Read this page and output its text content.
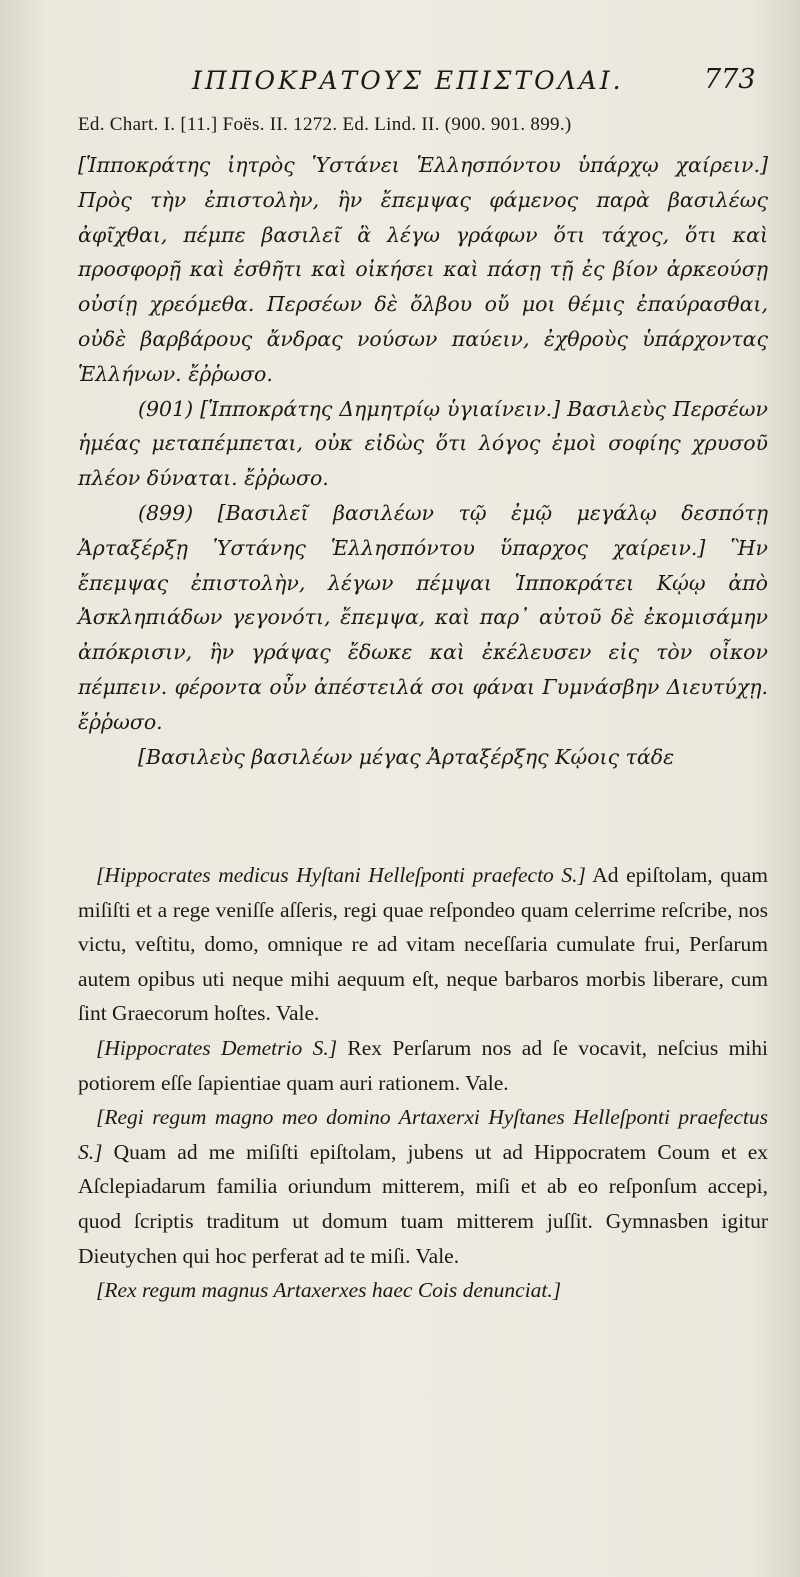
ΙΠΠΟΚΡΑΤΟΥΣ ΕΠΙΣΤΟΛΑΙ.	773
Ed. Chart. I. [11.] Foës. II. 1272. Ed. Lind. II. (900. 901. 899.)

[Ἱπποκράτης ἰητρὸς Ὑστάνει Ἑλλησπόντου ὑπάρχῳ χαίρειν.] Πρὸς τὴν ἐπιστολὴν, ἣν ἔπεμψας φάμενος παρὰ βασιλέως ἀφῖχθαι, πέμπε βασιλεῖ ἃ λέγω γράφων ὅτι τάχος, ὅτι καὶ προσφορῇ καὶ ἐσθῆτι καὶ οἰκήσει καὶ πάσῃ τῇ ἐς βίον ἀρκεούσῃ οὐσίῃ χρεόμεθα. Περσέων δὲ ὄλβου οὔ μοι θέμις ἐπαύρασθαι, οὐδὲ βαρβάρους ἄνδρας νούσων παύειν, ἐχθροὺς ὑπάρχοντας Ἑλλήνων. ἔῤῥωσο.

(901) [Ἱπποκράτης Δημητρίῳ ὑγιαίνειν.] Βασιλεὺς Περσέων ἡμέας μεταπέμπεται, οὐκ εἰδὼς ὅτι λόγος ἐμοὶ σοφίης χρυσοῦ πλέον δύναται. ἔῤῥωσο.

(899) [Βασιλεῖ βασιλέων τῷ ἐμῷ μεγάλῳ δεσπότῃ Ἀρταξέρξῃ Ὑστάνης Ἑλλησπόντου ὕπαρχος χαίρειν.] Ἣν ἔπεμψας ἐπιστολὴν, λέγων πέμψαι Ἱπποκράτει Κῴῳ ἀπὸ Ἀσκληπιάδων γεγονότι, ἔπεμψα, καὶ παρ᾽ αὐτοῦ δὲ ἐκομισάμην ἀπόκρισιν, ἣν γράψας ἔδωκε καὶ ἐκέλευσεν εἰς τὸν οἶκον πέμπειν. φέροντα οὖν ἀπέστειλά σοι φάναι Γυμνάσβην Διευτύχῃ. ἔῤῥωσο.

[Βασιλεὺς βασιλέων μέγας Ἀρταξέρξης Κῴοις τάδε

[Hippocrates medicus Hyſtani Helleſponti praefecto S.] Ad epiſtolam, quam miſiſti et a rege veniſſe aſſeris, regi quae reſpondeo quam celerrime reſcribe, nos victu, veſtitu, domo, omnique re ad vitam neceſſaria cumulate frui, Perſarum autem opibus uti neque mihi aequum eſt, neque barbaros morbis liberare, cum ſint Graecorum hoſtes. Vale.

[Hippocrates Demetrio S.] Rex Perſarum nos ad ſe vocavit, neſcius mihi potiorem eſſe ſapientiae quam auri rationem. Vale.

[Regi regum magno meo domino Artaxerxi Hyſtanes Helleſponti praefectus S.] Quam ad me miſiſti epiſtolam, jubens ut ad Hippocratem Coum et ex Aſclepiadarum familia oriundum mitterem, miſi et ab eo reſponſum accepi, quod ſcriptis traditum ut domum tuam mitterem juſſit. Gymnasben igitur Dieutychen qui hoc perferat ad te miſi. Vale.

[Rex regum magnus Artaxerxes haec Cois denunciat.]
